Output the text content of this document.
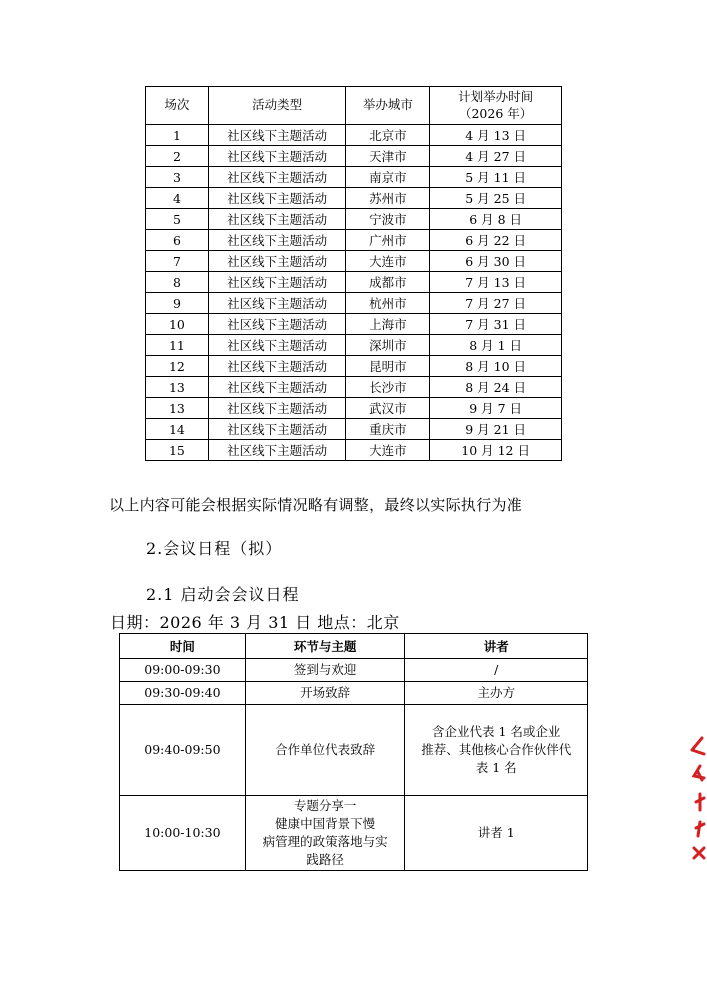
场次	活动类型	举办城市	计划举办时间
（2026 年）
1	社区线下主题活动	北京市	4 月 13 日
2	社区线下主题活动	天津市	4 月 27 日
3	社区线下主题活动	南京市	5 月 11 日
4	社区线下主题活动	苏州市	5 月 25 日
5	社区线下主题活动	宁波市	6 月 8 日
6	社区线下主题活动	广州市	6 月 22 日
7	社区线下主题活动	大连市	6 月 30 日
8	社区线下主题活动	成都市	7 月 13 日
9	社区线下主题活动	杭州市	7 月 27 日
10	社区线下主题活动	上海市	7 月 31 日
11	社区线下主题活动	深圳市	8 月 1 日
12	社区线下主题活动	昆明市	8 月 10 日
13	社区线下主题活动	长沙市	8 月 24 日
13	社区线下主题活动	武汉市	9 月 7 日
14	社区线下主题活动	重庆市	9 月 21 日
15	社区线下主题活动	大连市	10 月 12 日
以上内容可能会根据实际情况略有调整，最终以实际执行为准
2.会议日程（拟）
2.1 启动会会议日程
日期：2026 年 3 月 31 日 地点：北京
时间	环节与主题	讲者
09:00-09:30	签到与欢迎	/

09:30-09:40	开场致辞	主办方

09:40-09:50	合作单位代表致辞	含企业代表 1 名或企业
推荐、其他核心合作伙伴代
表 1 名

10:00-10:30	专题分享一
健康中国背景下慢
病管理的政策落地与实
践路径	讲者 1
